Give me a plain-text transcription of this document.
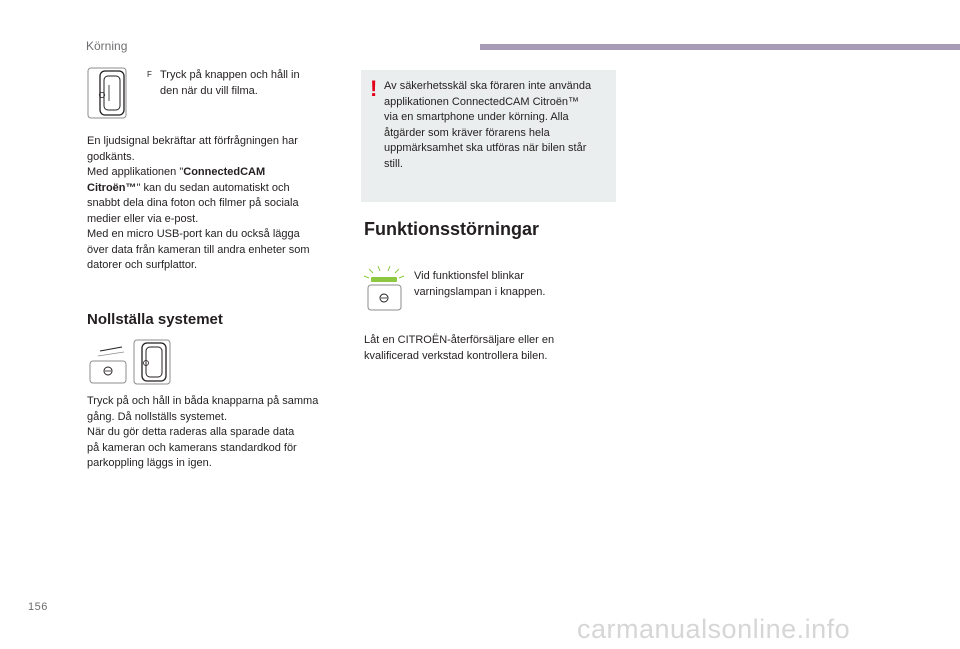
Körning
F Tryck på knappen och håll in
den när du vill filma.
En ljudsignal bekräftar att förfrågningen har
godkänts.
Med applikationen "ConnectedCAM
Citroën™" kan du sedan automatiskt och
snabbt dela dina foton och filmer på sociala
medier eller via e-post.
Med en micro USB-port kan du också lägga
över data från kameran till andra enheter som
datorer och surfplattor.
Nollställa systemet
Tryck på och håll in båda knapparna på samma
gång. Då nollställs systemet.
När du gör detta raderas alla sparade data
på kameran och kamerans standardkod för
parkoppling läggs in igen.
! Av säkerhetsskäl ska föraren inte använda
applikationen ConnectedCAM Citroën™
via en smartphone under körning. Alla
åtgärder som kräver förarens hela
uppmärksamhet ska utföras när bilen står
still.
Funktionsstörningar
Vid funktionsfel blinkar
varningslampan i knappen.
Låt en CITROËN-återförsäljare eller en
kvalificerad verkstad kontrollera bilen.
156
carmanualsonline.info
